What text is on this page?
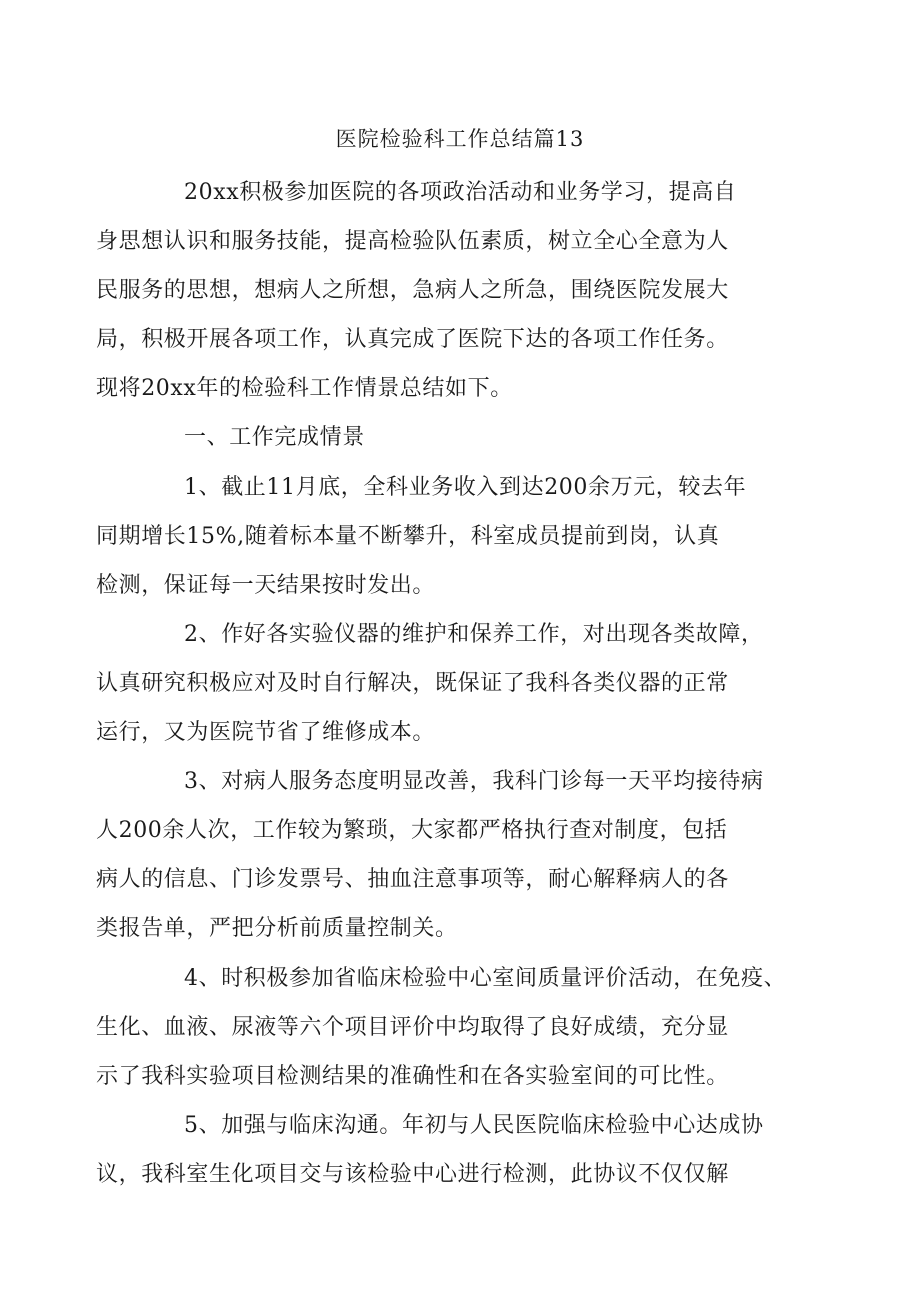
医院检验科工作总结篇13

20xx积极参加医院的各项政治活动和业务学习，提高自
身思想认识和服务技能，提高检验队伍素质，树立全心全意为人
民服务的思想，想病人之所想，急病人之所急，围绕医院发展大
局，积极开展各项工作，认真完成了医院下达的各项工作任务。
现将20xx年的检验科工作情景总结如下。

一、工作完成情景

1、截止11月底，全科业务收入到达200余万元，较去年
同期增长15%,随着标本量不断攀升，科室成员提前到岗，认真
检测，保证每一天结果按时发出。

2、作好各实验仪器的维护和保养工作，对出现各类故障，
认真研究积极应对及时自行解决，既保证了我科各类仪器的正常
运行，又为医院节省了维修成本。

3、对病人服务态度明显改善，我科门诊每一天平均接待病
人200余人次，工作较为繁琐，大家都严格执行查对制度，包括
病人的信息、门诊发票号、抽血注意事项等，耐心解释病人的各
类报告单，严把分析前质量控制关。

4、时积极参加省临床检验中心室间质量评价活动，在免疫、
生化、血液、尿液等六个项目评价中均取得了良好成绩，充分显
示了我科实验项目检测结果的准确性和在各实验室间的可比性。

5、加强与临床沟通。年初与人民医院临床检验中心达成协
议，我科室生化项目交与该检验中心进行检测，此协议不仅仅解
